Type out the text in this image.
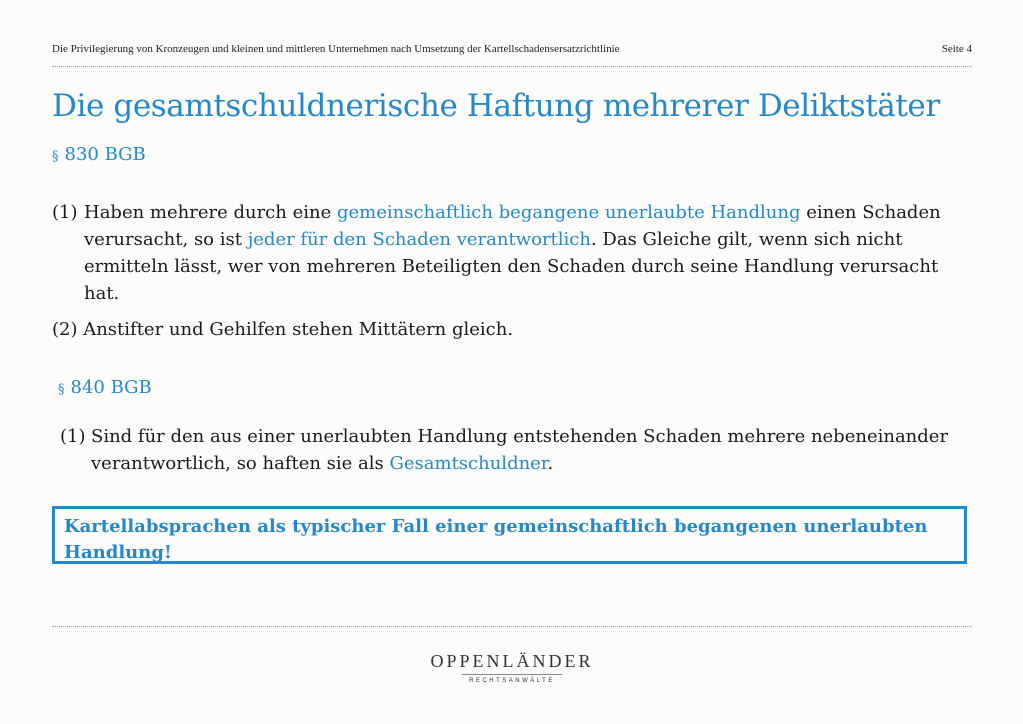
Die Privilegierung von Kronzeugen und kleinen und mittleren Unternehmen nach Umsetzung der Kartellschadensersatzrichtlinie	Seite 4
Die gesamtschuldnerische Haftung mehrerer Deliktstäter
§ 830 BGB
(1) Haben mehrere durch eine gemeinschaftlich begangene unerlaubte Handlung einen Schaden verursacht, so ist jeder für den Schaden verantwortlich. Das Gleiche gilt, wenn sich nicht ermitteln lässt, wer von mehreren Beteiligten den Schaden durch seine Handlung verursacht hat.
(2) Anstifter und Gehilfen stehen Mittätern gleich.
§ 840 BGB
(1) Sind für den aus einer unerlaubten Handlung entstehenden Schaden mehrere nebeneinander verantwortlich, so haften sie als Gesamtschuldner.
Kartellabsprachen als typischer Fall einer gemeinschaftlich begangenen unerlaubten Handlung!
OPPENLÄNDER
RECHTSANWÄLTE
